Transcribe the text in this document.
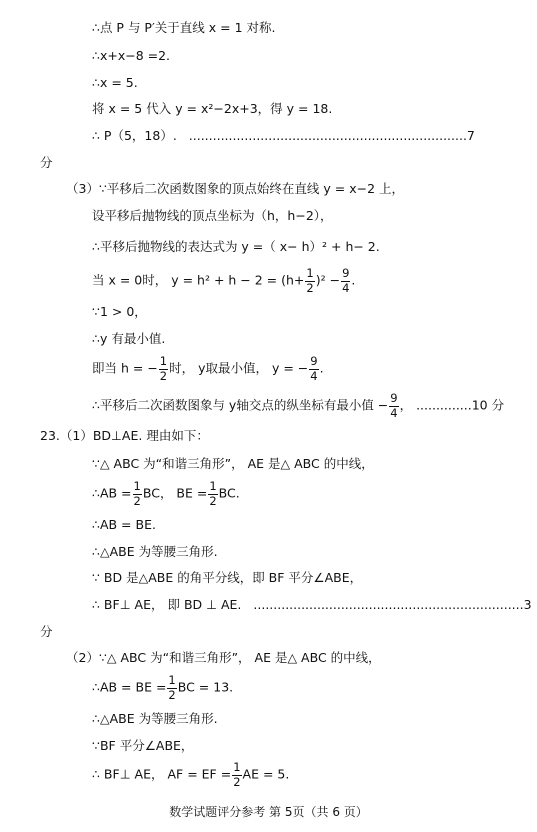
∴点 P 与 P′关于直线 x = 1 对称.
∴x+x−8 =2.
∴x = 5.
将 x = 5 代入 y = x²−2x+3，得 y = 18.
∴ P（5，18）. ......................................................................7
分
（3）∵平移后二次函数图象的顶点始终在直线 y = x−2 上，
设平移后抛物线的顶点坐标为（h，h−2），
∴平移后抛物线的表达式为 y =（ x− h）² + h− 2.
当 x = 0时， $y = h^2 + h - 2 = (h+ \frac{1}{2} )^2 - \frac{9}{4}$ .
∵1 > 0，
∴y 有最小值.
即当 h = − $\frac{1}{2}$ 时， y取最小值， y = − $\frac{9}{4}$ .
∴平移后二次函数图象与 y轴交点的纵坐标有最小值 − $\frac{9}{4}$ ， ..............10 分
23.（1）BD⊥AE. 理由如下：
∵△ ABC 为“和谐三角形”， AE 是△ ABC 的中线，
∴AB = $\frac{1}{2}$ BC， BE = $\frac{1}{2}$ BC.
∴AB = BE.
∴△ABE 为等腰三角形.
∵ BD 是△ABE 的角平分线，即 BF 平分∠ABE，
∴ BF⊥ AE， 即 BD ⊥ AE. ....................................................................3
分
（2）∵△ ABC 为“和谐三角形”， AE 是△ ABC 的中线，
∴AB = BE = $\frac{1}{2}$ BC = 13.
∴△ABE 为等腰三角形.
∵BF 平分∠ABE，
∴ BF⊥ AE， AF = EF = $\frac{1}{2}$ AE = 5.
数学试题评分参考 第 5页（共 6 页）
